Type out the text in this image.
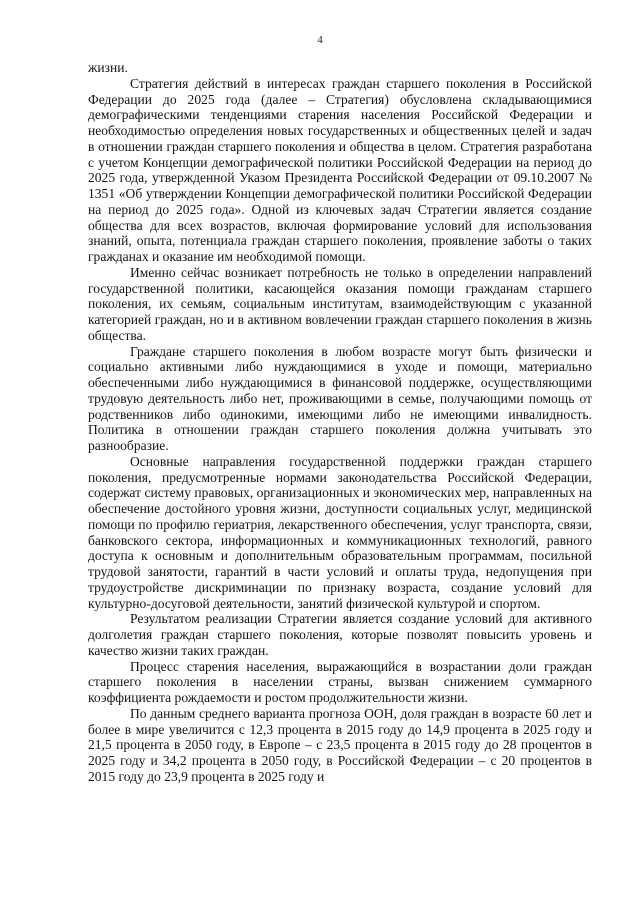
4

жизни.

Стратегия действий в интересах граждан старшего поколения в Российской Федерации до 2025 года (далее – Стратегия) обусловлена складывающимися демографическими тенденциями старения населения Российской Федерации и необходимостью определения новых государственных и общественных целей и задач в отношении граждан старшего поколения и общества в целом. Стратегия разработана с учетом Концепции демографической политики Российской Федерации на период до 2025 года, утвержденной Указом Президента Российской Федерации от 09.10.2007 № 1351 «Об утверждении Концепции демографической политики Российской Федерации на период до 2025 года». Одной из ключевых задач Стратегии является создание общества для всех возрастов, включая формирование условий для использования знаний, опыта, потенциала граждан старшего поколения, проявление заботы о таких гражданах и оказание им необходимой помощи.

Именно сейчас возникает потребность не только в определении направлений государственной политики, касающейся оказания помощи гражданам старшего поколения, их семьям, социальным институтам, взаимодействующим с указанной категорией граждан, но и в активном вовлечении граждан старшего поколения в жизнь общества.

Граждане старшего поколения в любом возрасте могут быть физически и социально активными либо нуждающимися в уходе и помощи, материально обеспеченными либо нуждающимися в финансовой поддержке, осуществляющими трудовую деятельность либо нет, проживающими в семье, получающими помощь от родственников либо одинокими, имеющими либо не имеющими инвалидность. Политика в отношении граждан старшего поколения должна учитывать это разнообразие.

Основные направления государственной поддержки граждан старшего поколения, предусмотренные нормами законодательства Российской Федерации, содержат систему правовых, организационных и экономических мер, направленных на обеспечение достойного уровня жизни, доступности социальных услуг, медицинской помощи по профилю гериатрия, лекарственного обеспечения, услуг транспорта, связи, банковского сектора, информационных и коммуникационных технологий, равного доступа к основным и дополнительным образовательным программам, посильной трудовой занятости, гарантий в части условий и оплаты труда, недопущения при трудоустройстве дискриминации по признаку возраста, создание условий для культурно-досуговой деятельности, занятий физической культурой и спортом.

Результатом реализации Стратегии является создание условий для активного долголетия граждан старшего поколения, которые позволят повысить уровень и качество жизни таких граждан.

Процесс старения населения, выражающийся в возрастании доли граждан старшего поколения в населении страны, вызван снижением суммарного коэффициента рождаемости и ростом продолжительности жизни.

По данным среднего варианта прогноза ООН, доля граждан в возрасте 60 лет и более в мире увеличится с 12,3 процента в 2015 году до 14,9 процента в 2025 году и 21,5 процента в 2050 году, в Европе – с 23,5 процента в 2015 году до 28 процентов в 2025 году и 34,2 процента в 2050 году, в Российской Федерации – с 20 процентов в 2015 году до 23,9 процента в 2025 году и
